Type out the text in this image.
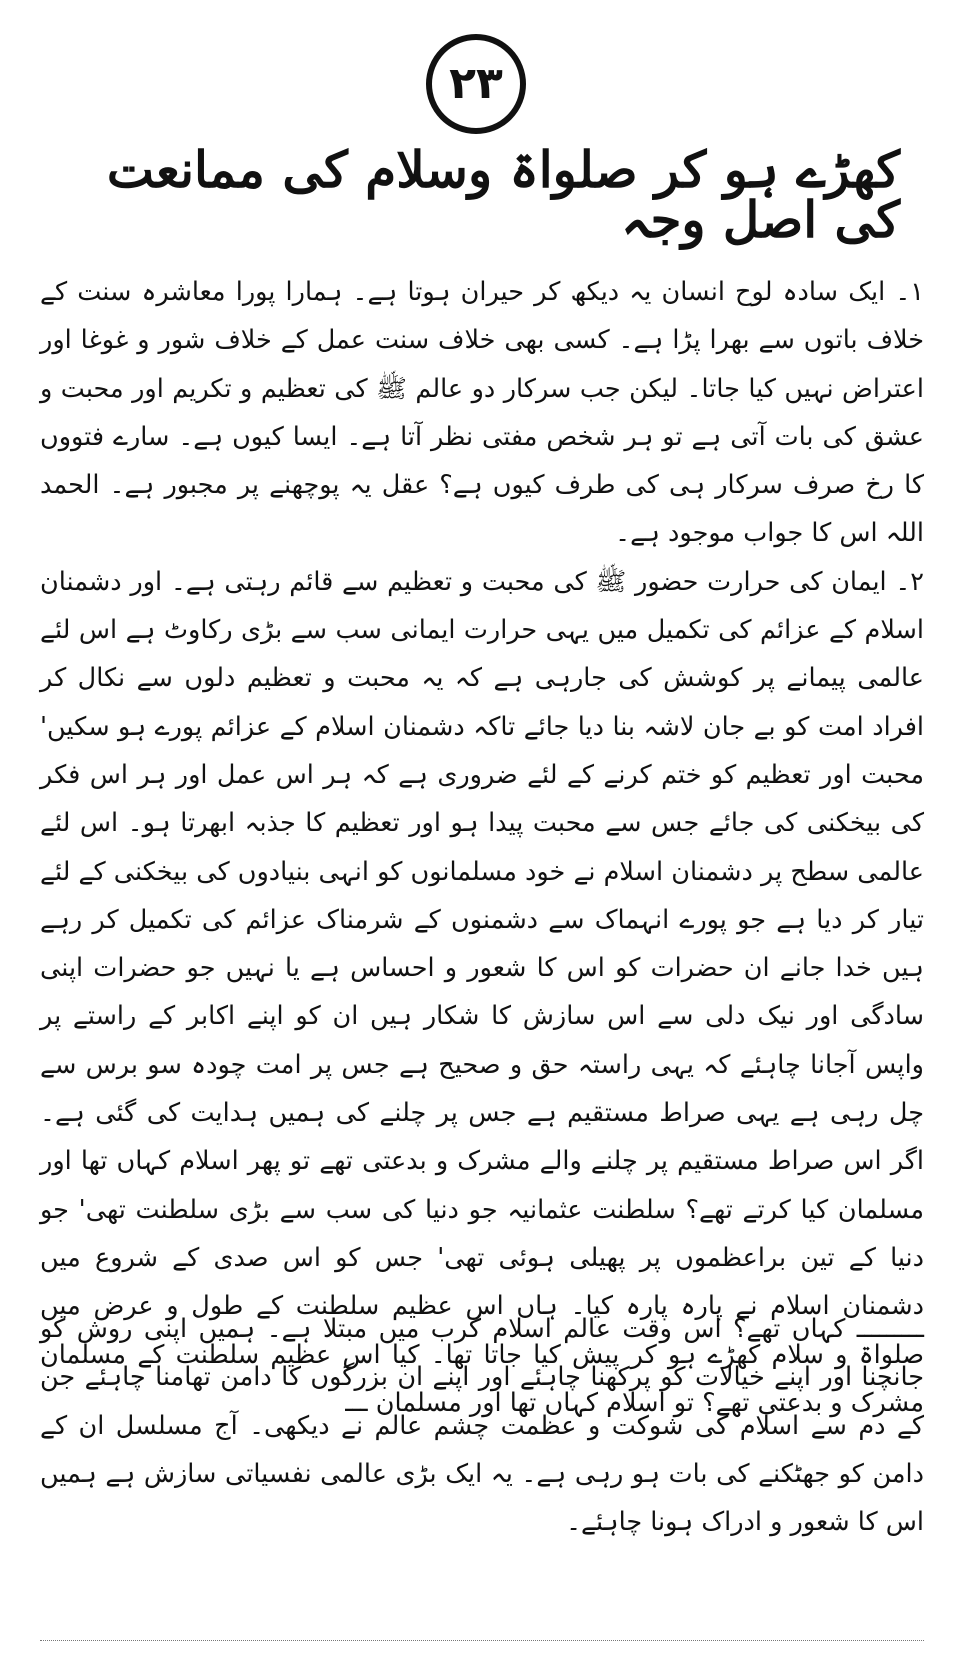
۲۳
کھڑے ہو کر صلواۃ وسلام کی ممانعت کی اصل وجہ

۱۔ ایک سادہ لوح انسان یہ دیکھ کر حیران ہوتا ہے۔ ہمارا پورا معاشرہ سنت کے خلاف باتوں سے بھرا پڑا ہے۔ کسی بھی خلاف سنت عمل کے خلاف شور و غوغا اور اعتراض نہیں کیا جاتا۔ لیکن جب سرکار دو عالم ﷺ کی تعظیم و تکریم اور محبت و عشق کی بات آتی ہے تو ہر شخص مفتی نظر آتا ہے۔ ایسا کیوں ہے۔ سارے فتووں کا رخ صرف سرکار ہی کی طرف کیوں ہے؟ عقل یہ پوچھنے پر مجبور ہے۔ الحمد اللہ اس کا جواب موجود ہے۔

۲۔ ایمان کی حرارت حضور ﷺ کی محبت و تعظیم سے قائم رہتی ہے۔ اور دشمنان اسلام کے عزائم کی تکمیل میں یہی حرارت ایمانی سب سے بڑی رکاوٹ ہے اس لئے عالمی پیمانے پر کوشش کی جارہی ہے کہ یہ محبت و تعظیم دلوں سے نکال کر افراد امت کو بے جان لاشہ بنا دیا جائے تاکہ دشمنان اسلام کے عزائم پورے ہو سکیں' محبت اور تعظیم کو ختم کرنے کے لئے ضروری ہے کہ ہر اس عمل اور ہر اس فکر کی بیخکنی کی جائے جس سے محبت پیدا ہو اور تعظیم کا جذبہ ابھرتا ہو۔ اس لئے عالمی سطح پر دشمنان اسلام نے خود مسلمانوں کو انہی بنیادوں کی بیخکنی کے لئے تیار کر دیا ہے جو پورے انہماک سے دشمنوں کے شرمناک عزائم کی تکمیل کر رہے ہیں خدا جانے ان حضرات کو اس کا شعور و احساس ہے یا نہیں جو حضرات اپنی سادگی اور نیک دلی سے اس سازش کا شکار ہیں ان کو اپنے اکابر کے راستے پر واپس آجانا چاہئے کہ یہی راستہ حق و صحیح ہے جس پر امت چودہ سو برس سے چل رہی ہے یہی صراط مستقیم ہے جس پر چلنے کی ہمیں ہدایت کی گئی ہے۔ اگر اس صراط مستقیم پر چلنے والے مشرک و بدعتی تھے تو پھر اسلام کہاں تھا اور مسلمان کیا کرتے تھے؟ سلطنت عثمانیہ جو دنیا کی سب سے بڑی سلطنت تھی' جو دنیا کے تین براعظموں پر پھیلی ہوئی تھی' جس کو اس صدی کے شروع میں دشمنان اسلام نے پارہ پارہ کیا۔ ہاں اس عظیم سلطنت کے طول و عرض میں صلواۃ و سلام کھڑے ہو کر پیش کیا جاتا تھا۔ کیا اس عظیم سلطنت کے مسلمان مشرک و بدعتی تھے؟ تو اسلام کہاں تھا اور مسلمان ـــ

ـــــــــ کہاں تھے؟ اس وقت عالم اسلام کرب میں مبتلا ہے۔ ہمیں اپنی روش کو جانچنا اور اپنے خیالات کو پرکھنا چاہئے اور اپنے ان بزرگوں کا دامن تھامنا چاہئے جن کے دم سے اسلام کی شوکت و عظمت چشم عالم نے دیکھی۔ آج مسلسل ان کے دامن کو جھٹکنے کی بات ہو رہی ہے۔ یہ ایک بڑی عالمی نفسیاتی سازش ہے ہمیں اس کا شعور و ادراک ہونا چاہئے۔
